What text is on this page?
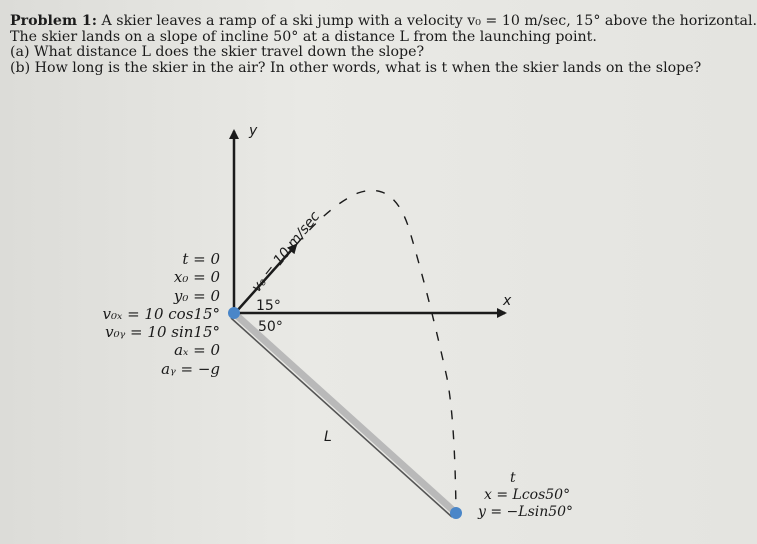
Problem 1: A skier leaves a ramp of a ski jump with a velocity v₀ = 10 m/sec, 15° above the horizontal.

The skier lands on a slope of incline 50° at a distance L from the launching point.

(a) What distance L does the skier travel down the slope?

(b) How long is the skier in the air? In other words, what is t when the skier lands on the slope?

y
x
15°
50°
L
v₀ = 10 m/sec
t = 0
x₀ = 0
y₀ = 0
v₀ₓ = 10 cos15°
v₀ᵧ = 10 sin15°
aₓ = 0
aᵧ = −g
t
x = Lcos50°
y = −Lsin50°
